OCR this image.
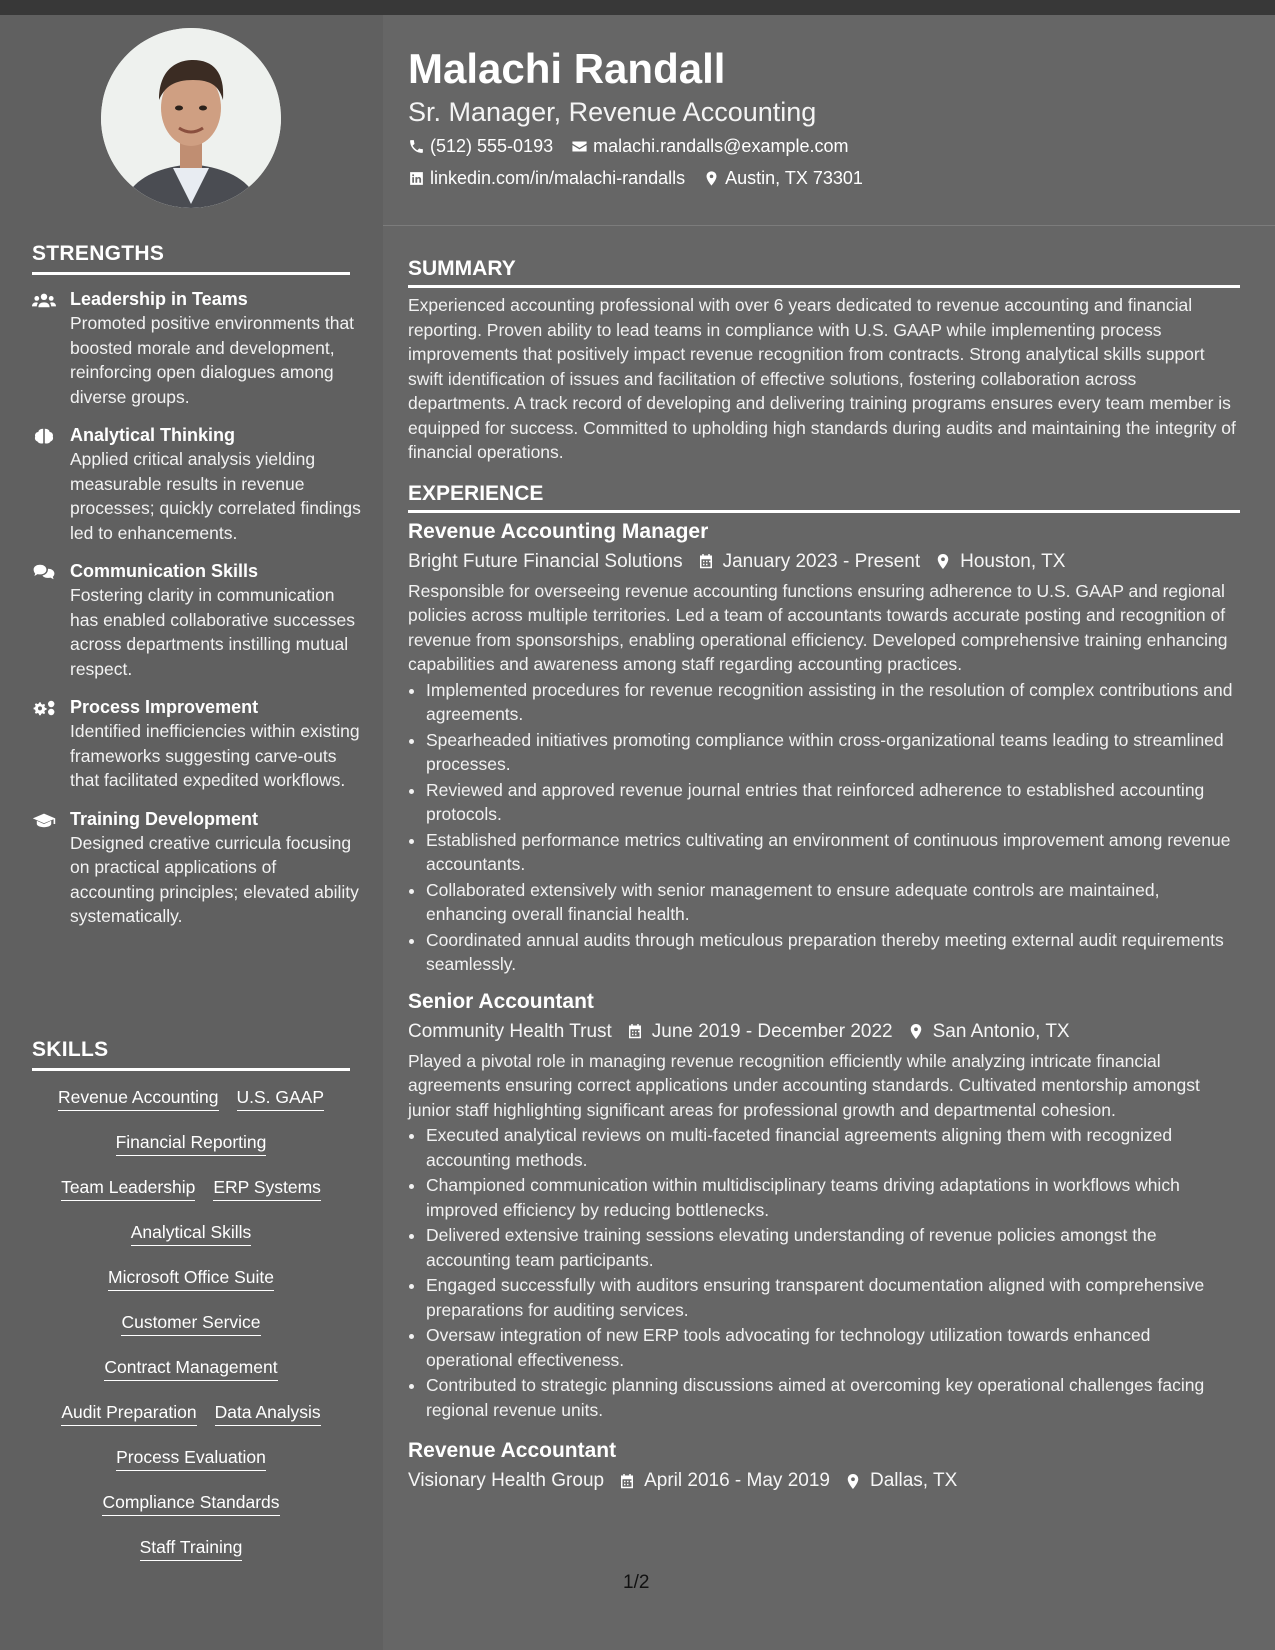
Malachi Randall
Sr. Manager, Revenue Accounting
(512) 555-0193 malachi.randalls@example.com
linkedin.com/in/malachi-randalls Austin, TX 73301
STRENGTHS
Leadership in Teams
Promoted positive environments that boosted morale and development, reinforcing open dialogues among diverse groups.
Analytical Thinking
Applied critical analysis yielding measurable results in revenue processes; quickly correlated findings led to enhancements.
Communication Skills
Fostering clarity in communication has enabled collaborative successes across departments instilling mutual respect.
Process Improvement
Identified inefficiencies within existing frameworks suggesting carve-outs that facilitated expedited workflows.
Training Development
Designed creative curricula focusing on practical applications of accounting principles; elevated ability systematically.
SKILLS
Revenue Accounting U.S. GAAP
Financial Reporting
Team Leadership ERP Systems
Analytical Skills
Microsoft Office Suite
Customer Service
Contract Management
Audit Preparation Data Analysis
Process Evaluation
Compliance Standards
Staff Training
SUMMARY
Experienced accounting professional with over 6 years dedicated to revenue accounting and financial reporting. Proven ability to lead teams in compliance with U.S. GAAP while implementing process improvements that positively impact revenue recognition from contracts. Strong analytical skills support swift identification of issues and facilitation of effective solutions, fostering collaboration across departments. A track record of developing and delivering training programs ensures every team member is equipped for success. Committed to upholding high standards during audits and maintaining the integrity of financial operations.
EXPERIENCE
Revenue Accounting Manager
Bright Future Financial Solutions January 2023 - Present Houston, TX
Responsible for overseeing revenue accounting functions ensuring adherence to U.S. GAAP and regional policies across multiple territories. Led a team of accountants towards accurate posting and recognition of revenue from sponsorships, enabling operational efficiency. Developed comprehensive training enhancing capabilities and awareness among staff regarding accounting practices.
• Implemented procedures for revenue recognition assisting in the resolution of complex contributions and agreements.
• Spearheaded initiatives promoting compliance within cross-organizational teams leading to streamlined processes.
• Reviewed and approved revenue journal entries that reinforced adherence to established accounting protocols.
• Established performance metrics cultivating an environment of continuous improvement among revenue accountants.
• Collaborated extensively with senior management to ensure adequate controls are maintained, enhancing overall financial health.
• Coordinated annual audits through meticulous preparation thereby meeting external audit requirements seamlessly.
Senior Accountant
Community Health Trust June 2019 - December 2022 San Antonio, TX
Played a pivotal role in managing revenue recognition efficiently while analyzing intricate financial agreements ensuring correct applications under accounting standards. Cultivated mentorship amongst junior staff highlighting significant areas for professional growth and departmental cohesion.
• Executed analytical reviews on multi-faceted financial agreements aligning them with recognized accounting methods.
• Championed communication within multidisciplinary teams driving adaptations in workflows which improved efficiency by reducing bottlenecks.
• Delivered extensive training sessions elevating understanding of revenue policies amongst the accounting team participants.
• Engaged successfully with auditors ensuring transparent documentation aligned with comprehensive preparations for auditing services.
• Oversaw integration of new ERP tools advocating for technology utilization towards enhanced operational effectiveness.
• Contributed to strategic planning discussions aimed at overcoming key operational challenges facing regional revenue units.
Revenue Accountant
Visionary Health Group April 2016 - May 2019 Dallas, TX
1/2
